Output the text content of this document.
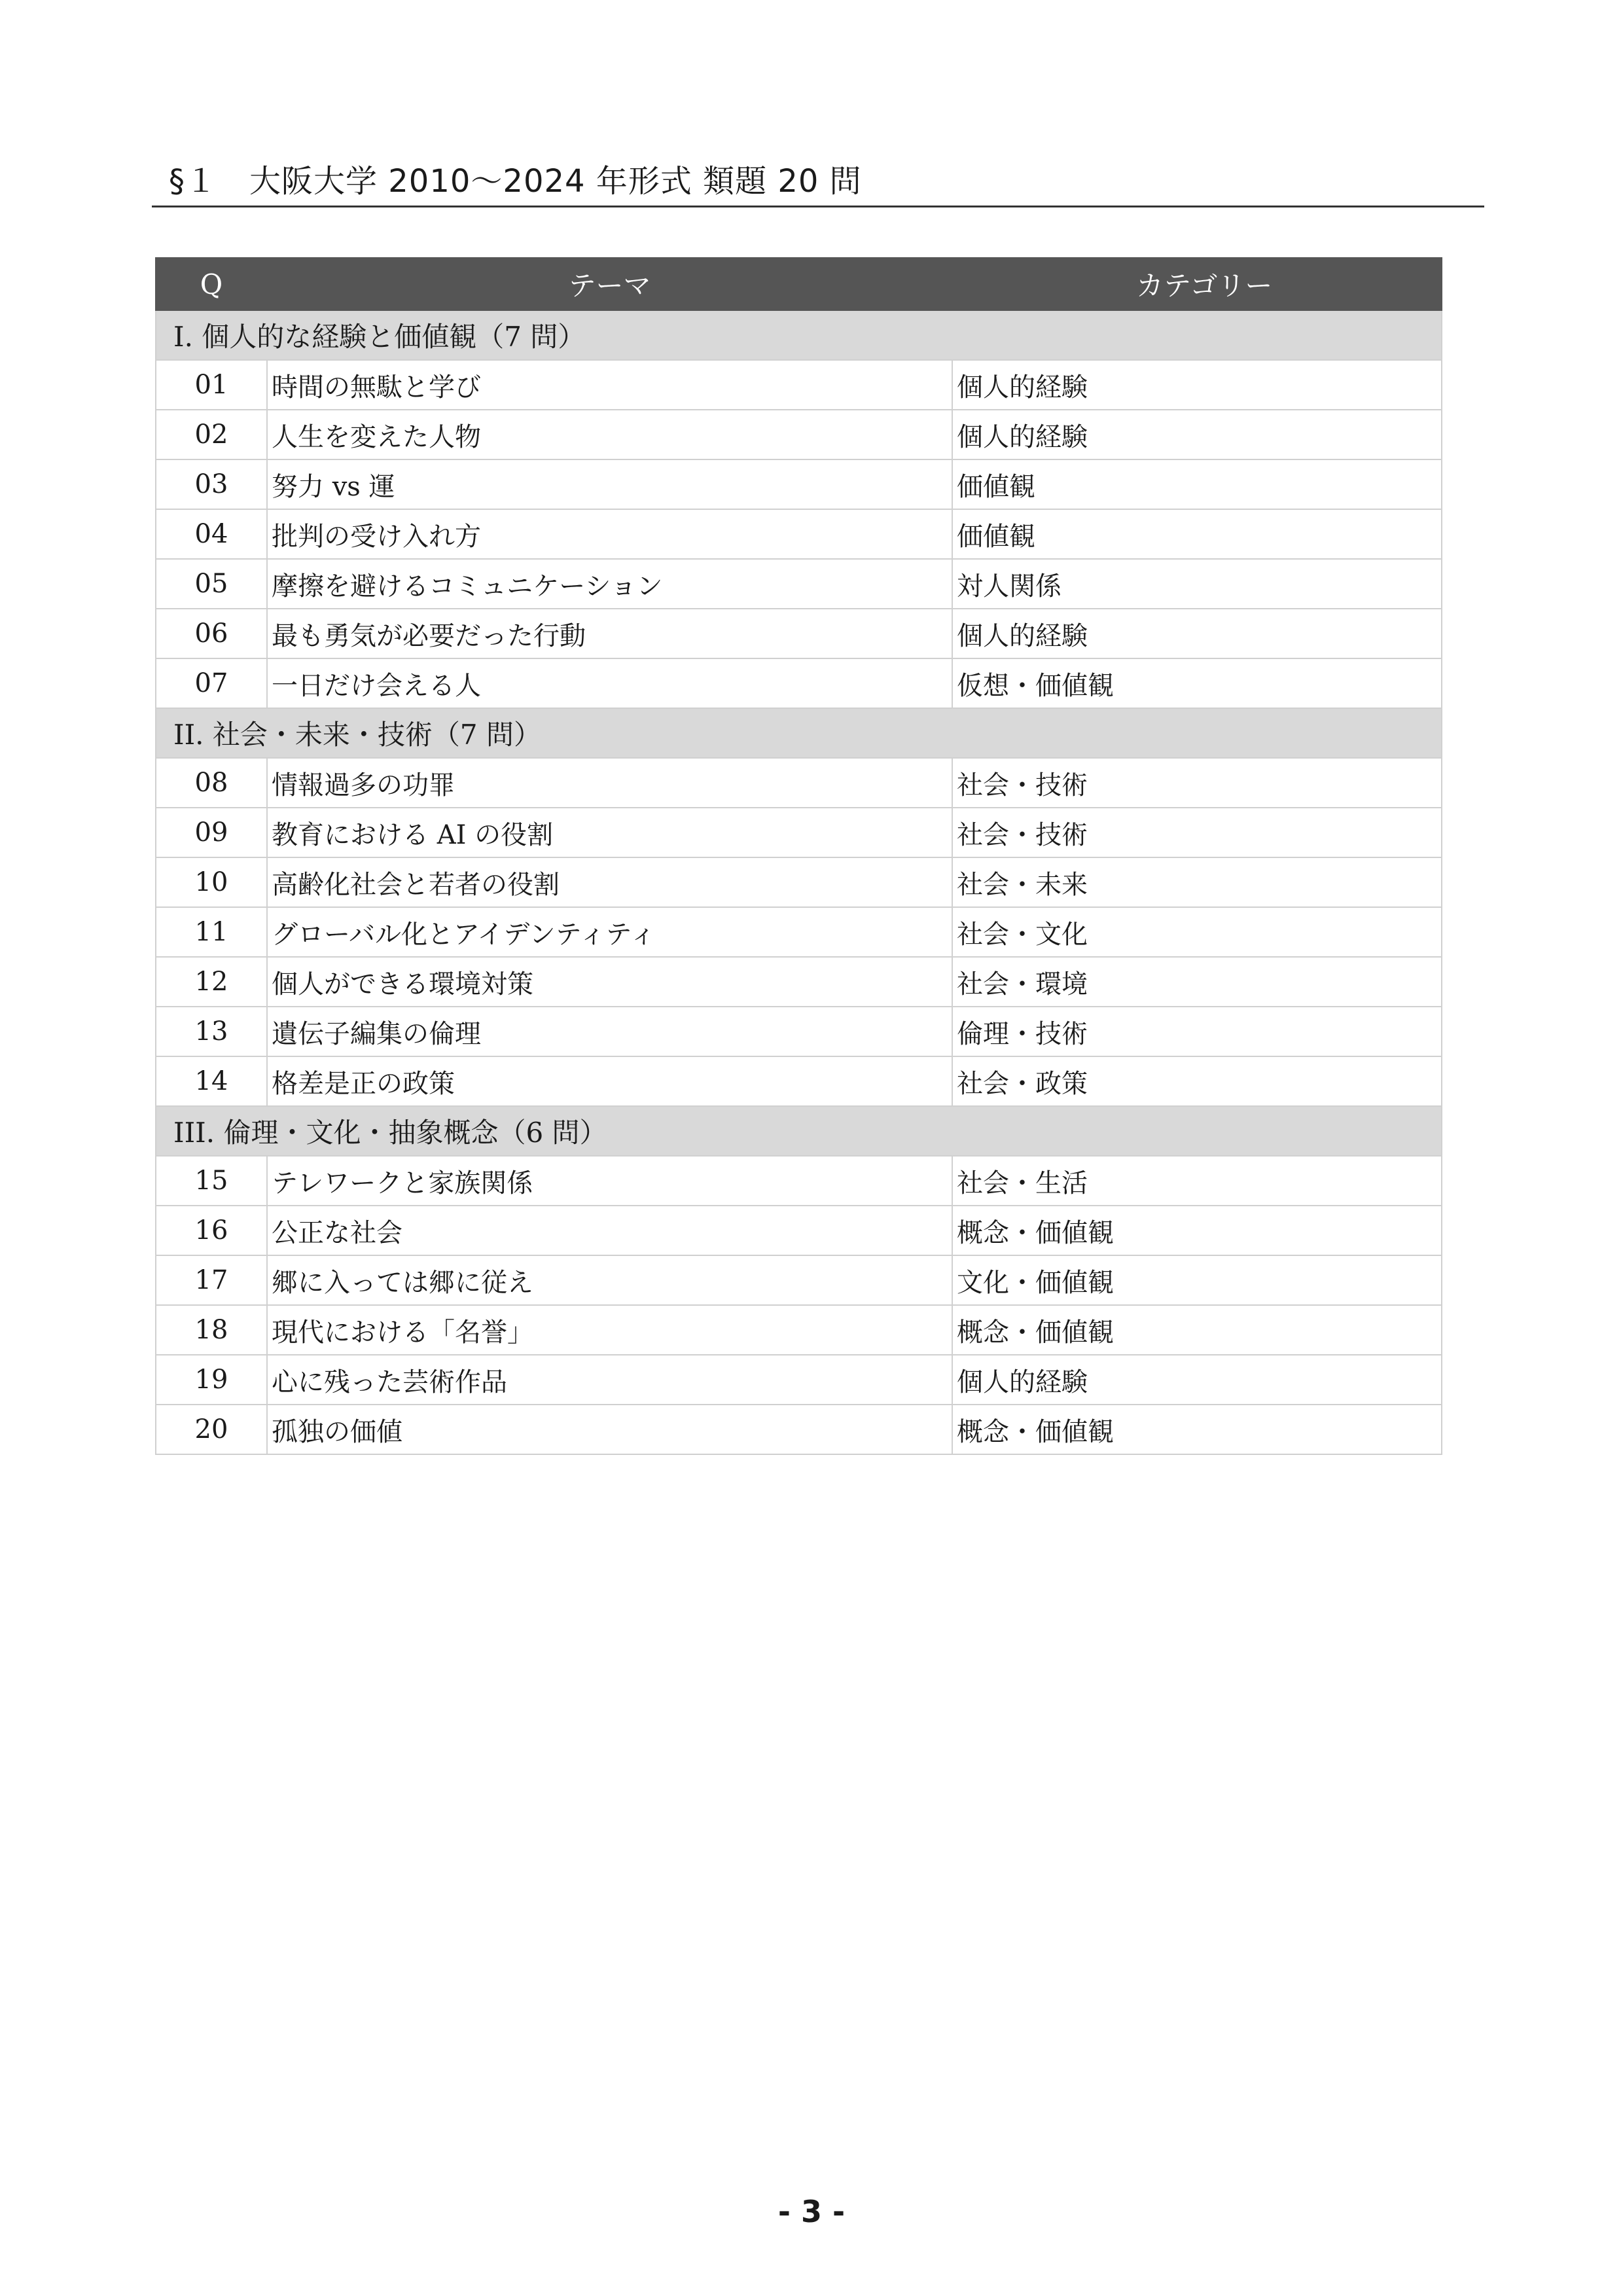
§１　大阪大学 2010〜2024 年形式 類題 20 問
Q	テーマ	カテゴリー
I. 個人的な経験と価値観（7 問）		
01	時間の無駄と学び	個人的経験
02	人生を変えた人物	個人的経験
03	努力 vs 運	価値観
04	批判の受け入れ方	価値観
05	摩擦を避けるコミュニケーション	対人関係
06	最も勇気が必要だった行動	個人的経験
07	一日だけ会える人	仮想・価値観
II. 社会・未来・技術（7 問）		
08	情報過多の功罪	社会・技術
09	教育における AI の役割	社会・技術
10	高齢化社会と若者の役割	社会・未来
11	グローバル化とアイデンティティ	社会・文化
12	個人ができる環境対策	社会・環境
13	遺伝子編集の倫理	倫理・技術
14	格差是正の政策	社会・政策
III. 倫理・文化・抽象概念（6 問）		
15	テレワークと家族関係	社会・生活
16	公正な社会	概念・価値観
17	郷に入っては郷に従え	文化・価値観
18	現代における「名誉」	概念・価値観
19	心に残った芸術作品	個人的経験
20	孤独の価値	概念・価値観
- 3 -
